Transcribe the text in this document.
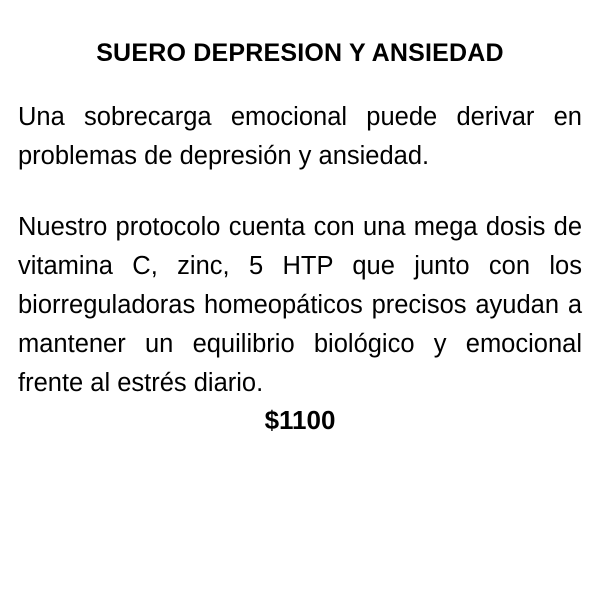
SUERO DEPRESION Y ANSIEDAD

Una sobrecarga emocional puede derivar en problemas de depresión y ansiedad.

Nuestro protocolo cuenta con una mega dosis de vitamina C, zinc, 5 HTP que junto con los biorreguladoras homeopáticos precisos ayudan a mantener un equilibrio biológico y emocional frente al estrés diario.

$1100
